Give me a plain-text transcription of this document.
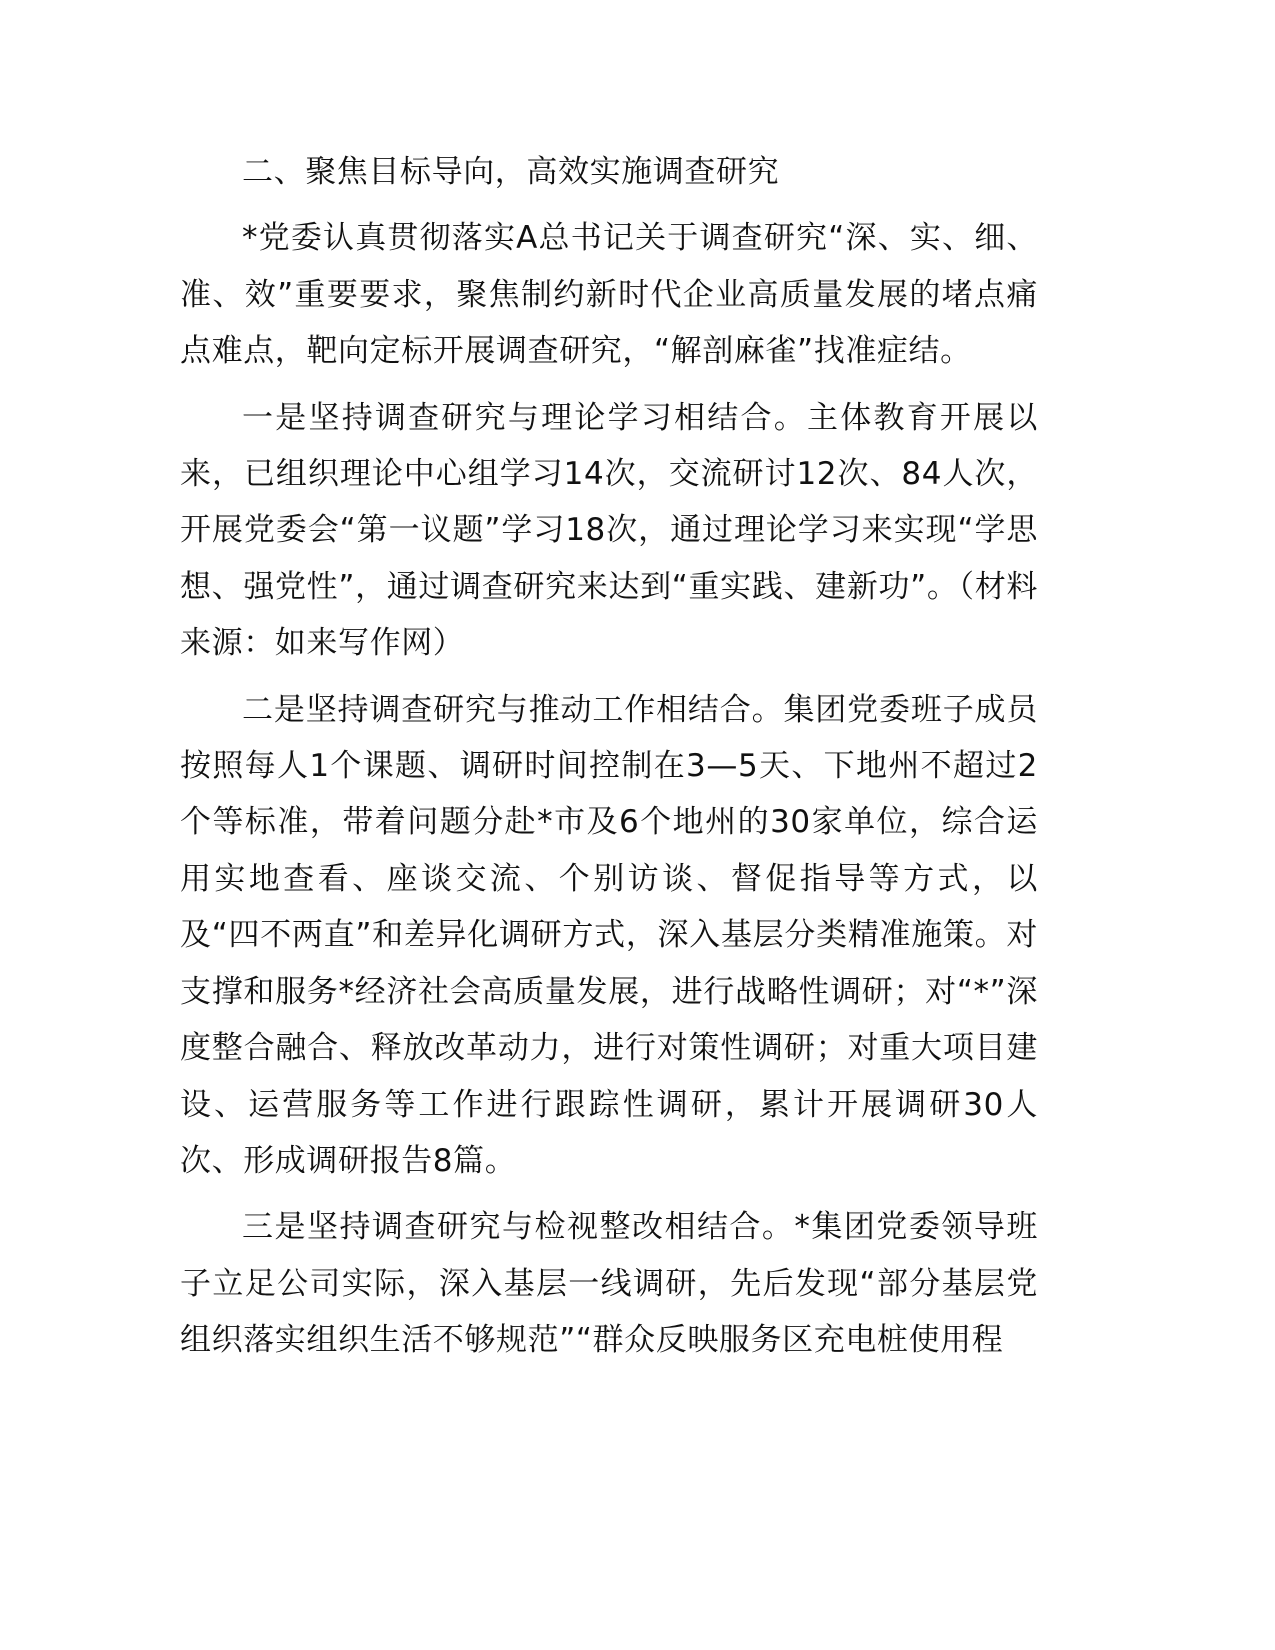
二、聚焦目标导向，高效实施调查研究

*党委认真贯彻落实A总书记关于调查研究“深、实、细、准、效”重要要求，聚焦制约新时代企业高质量发展的堵点痛点难点，靶向定标开展调查研究，“解剖麻雀”找准症结。

一是坚持调查研究与理论学习相结合。主体教育开展以来，已组织理论中心组学习14次，交流研讨12次、84人次，开展党委会“第一议题”学习18次，通过理论学习来实现“学思想、强党性”，通过调查研究来达到“重实践、建新功”。（材料来源：如来写作网）

二是坚持调查研究与推动工作相结合。集团党委班子成员按照每人1个课题、调研时间控制在3—5天、下地州不超过2个等标准，带着问题分赴*市及6个地州的30家单位，综合运用实地查看、座谈交流、个别访谈、督促指导等方式，以及“四不两直”和差异化调研方式，深入基层分类精准施策。对支撑和服务*经济社会高质量发展，进行战略性调研；对“*”深度整合融合、释放改革动力，进行对策性调研；对重大项目建设、运营服务等工作进行跟踪性调研，累计开展调研30人次、形成调研报告8篇。

三是坚持调查研究与检视整改相结合。*集团党委领导班子立足公司实际，深入基层一线调研，先后发现“部分基层党组织落实组织生活不够规范”“群众反映服务区充电桩使用程
